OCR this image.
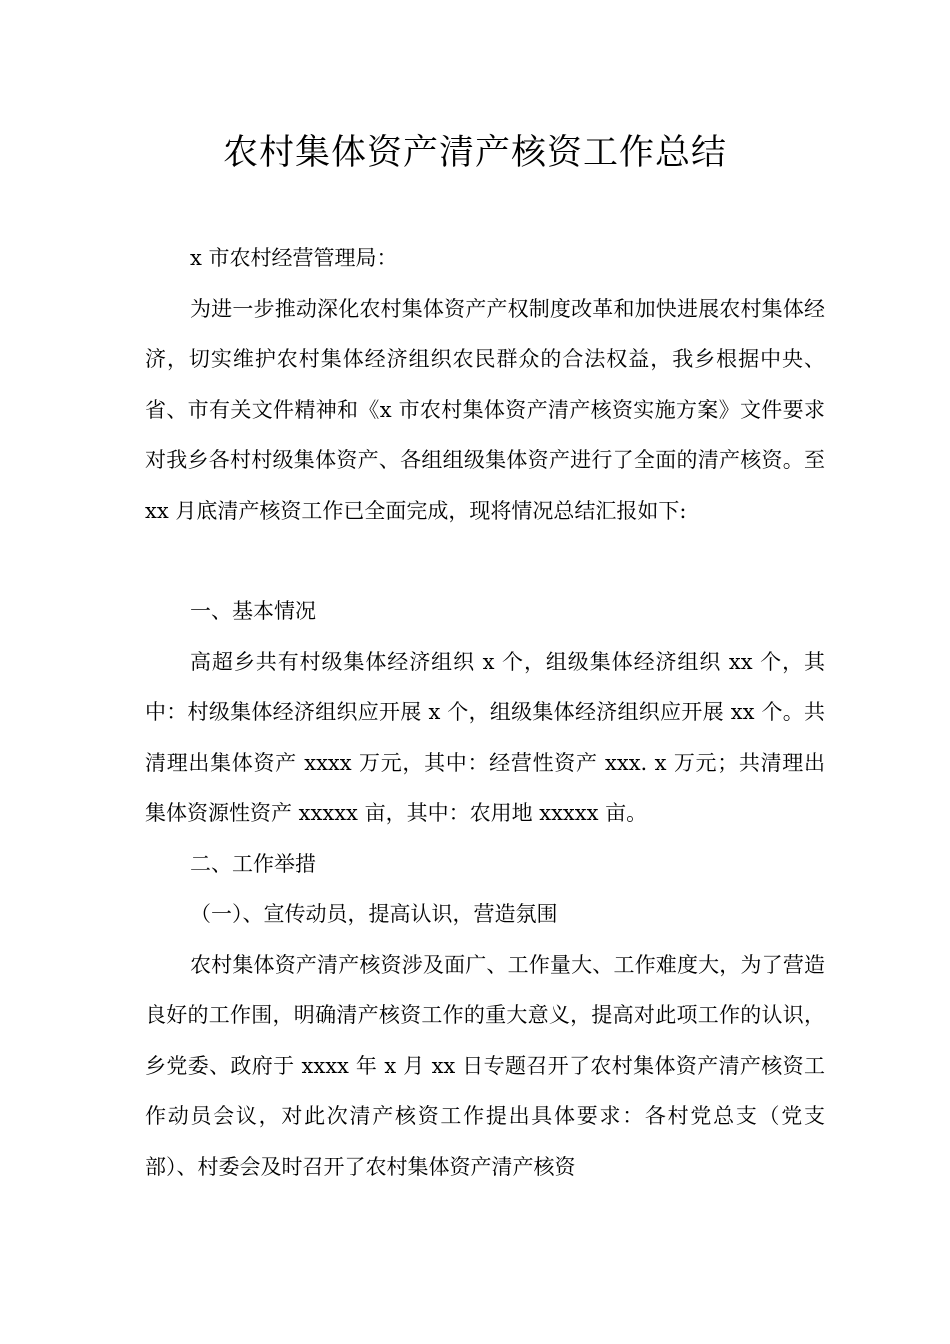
农村集体资产清产核资工作总结

x 市农村经营管理局：

为进一步推动深化农村集体资产产权制度改革和加快进展农村集体经济，切实维护农村集体经济组织农民群众的合法权益，我乡根据中央、省、市有关文件精神和《x 市农村集体资产清产核资实施方案》文件要求对我乡各村村级集体资产、各组组级集体资产进行了全面的清产核资。至 xx 月底清产核资工作已全面完成，现将情况总结汇报如下:

一、基本情况

高超乡共有村级集体经济组织 x 个，组级集体经济组织 xx 个，其中：村级集体经济组织应开展 x 个，组级集体经济组织应开展 xx 个。共清理出集体资产 xxxx 万元，其中：经营性资产 xxx. x 万元；共清理出集体资源性资产 xxxxx 亩，其中：农用地 xxxxx 亩。

二、工作举措

（一）、宣传动员，提高认识，营造氛围

农村集体资产清产核资涉及面广、工作量大、工作难度大，为了营造良好的工作围，明确清产核资工作的重大意义，提高对此项工作的认识，乡党委、政府于 xxxx 年 x 月 xx 日专题召开了农村集体资产清产核资工作动员会议，对此次清产核资工作提出具体要求：各村党总支（党支部）、村委会及时召开了农村集体资产清产核资
